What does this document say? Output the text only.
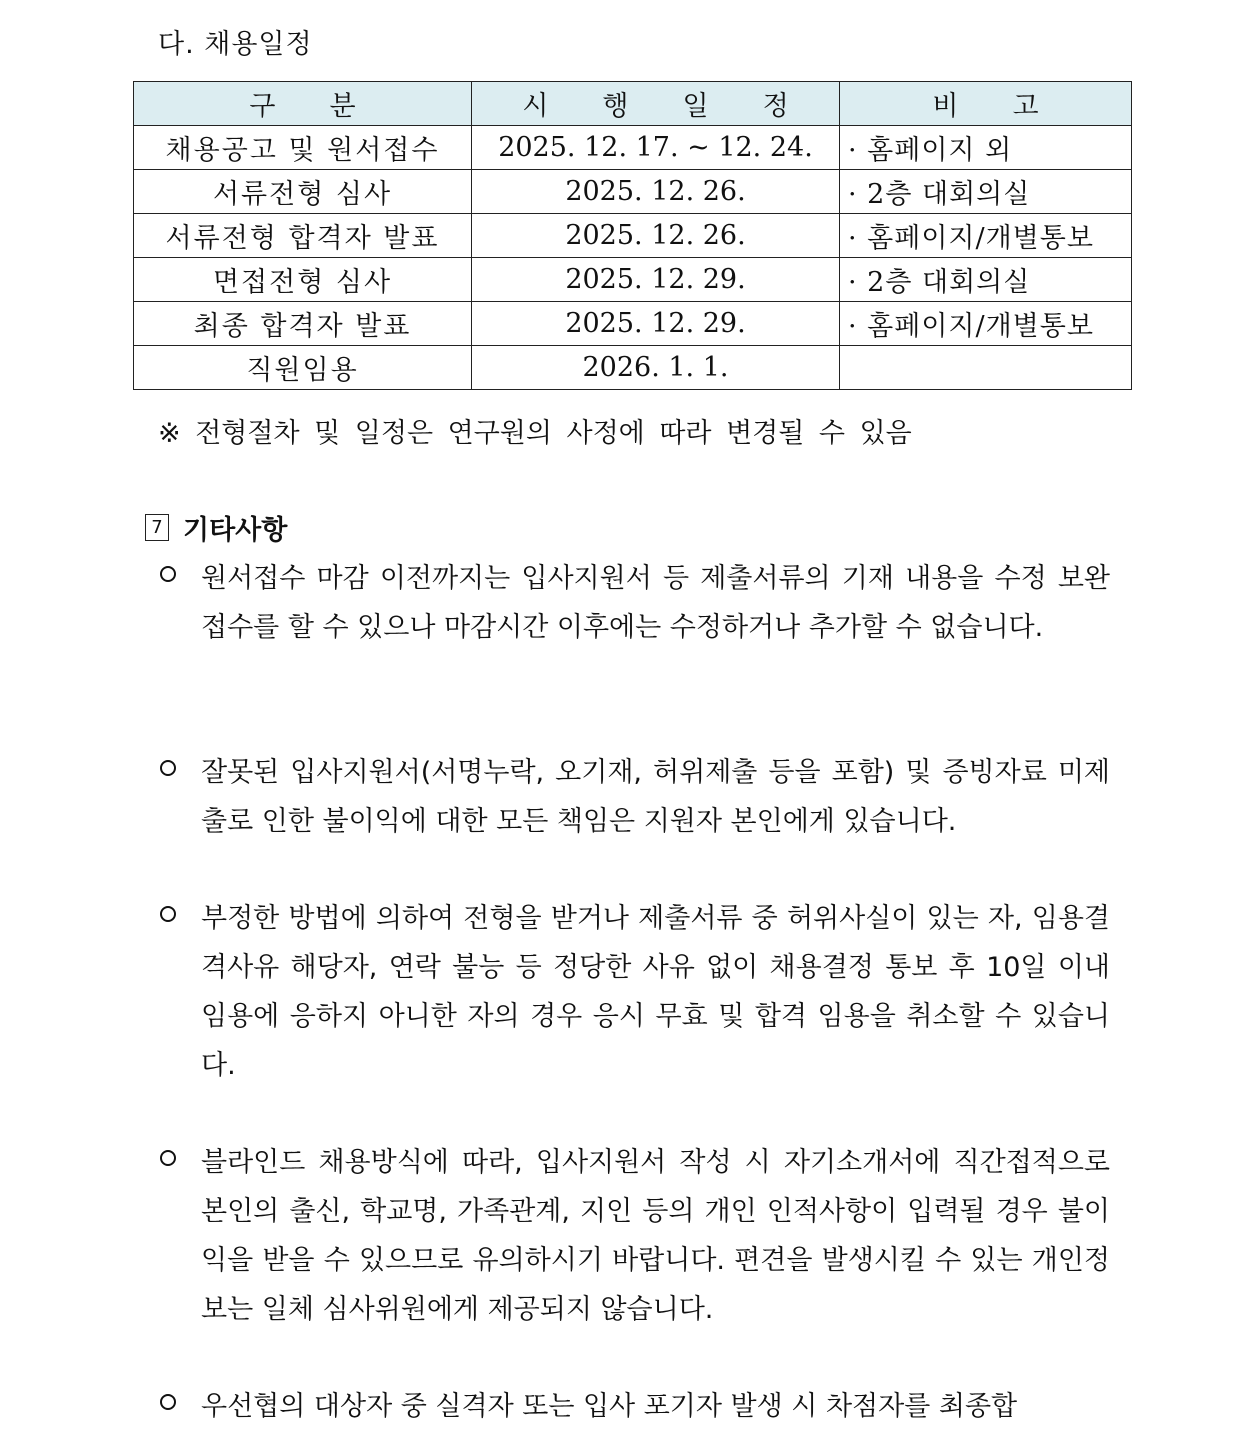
다. 채용일정
구　　분	시　　행　　일　　정	비　　고
채용공고 및 원서접수	2025. 12. 17. ~ 12. 24.	· 홈페이지 외
서류전형 심사	2025. 12. 26.	· 2층 대회의실
서류전형 합격자 발표	2025. 12. 26.	· 홈페이지/개별통보
면접전형 심사	2025. 12. 29.	· 2층 대회의실
최종 합격자 발표	2025. 12. 29.	· 홈페이지/개별통보
직원임용	2026. 1. 1.	
※ 전형절차 및 일정은 연구원의 사정에 따라 변경될 수 있음
7 기타사항
원서접수 마감 이전까지는 입사지원서 등 제출서류의 기재 내용을 수정 보완 접수를 할 수 있으나 마감시간 이후에는 수정하거나 추가할 수 없습니다.
잘못된 입사지원서(서명누락, 오기재, 허위제출 등을 포함) 및 증빙자료 미제출로 인한 불이익에 대한 모든 책임은 지원자 본인에게 있습니다.
부정한 방법에 의하여 전형을 받거나 제출서류 중 허위사실이 있는 자, 임용결격사유 해당자, 연락 불능 등 정당한 사유 없이 채용결정 통보 후 10일 이내 임용에 응하지 아니한 자의 경우 응시 무효 및 합격 임용을 취소할 수 있습니다.
블라인드 채용방식에 따라, 입사지원서 작성 시 자기소개서에 직간접적으로 본인의 출신, 학교명, 가족관계, 지인 등의 개인 인적사항이 입력될 경우 불이익을 받을 수 있으므로 유의하시기 바랍니다. 편견을 발생시킬 수 있는 개인정보는 일체 심사위원에게 제공되지 않습니다.
우선협의 대상자 중 실격자 또는 입사 포기자 발생 시 차점자를 최종합
